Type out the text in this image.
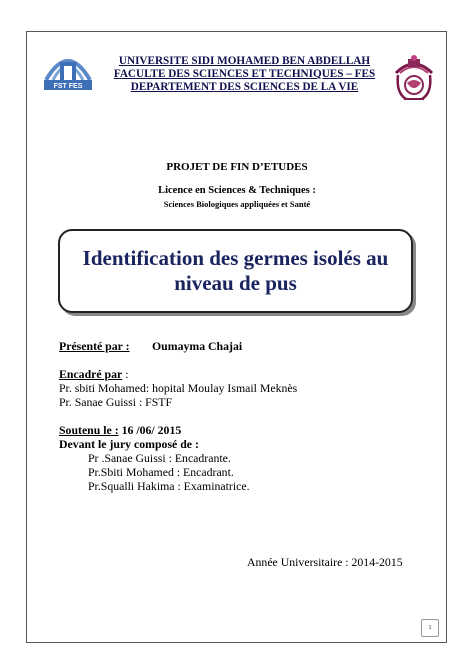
FST FES
UNIVERSITE SIDI MOHAMED BEN ABDELLAH
FACULTE DES SCIENCES ET TECHNIQUES – FES
DEPARTEMENT DES SCIENCES DE LA VIE
PROJET DE FIN D’ETUDES
Licence en Sciences & Techniques :
Sciences Biologiques appliquées et Santé
Identification des germes isolés au niveau de pus
Présenté par : Oumayma Chajai
Encadré par :
Pr. sbiti Mohamed: hopital Moulay Ismail Meknès
Pr. Sanae Guissi : FSTF
Soutenu le : 16 /06/ 2015
Devant le jury composé de :
Pr .Sanae Guissi : Encadrante.
Pr.Sbiti Mohamed : Encadrant.
Pr.Squalli Hakima : Examinatrice.
Année Universitaire : 2014-2015
1
